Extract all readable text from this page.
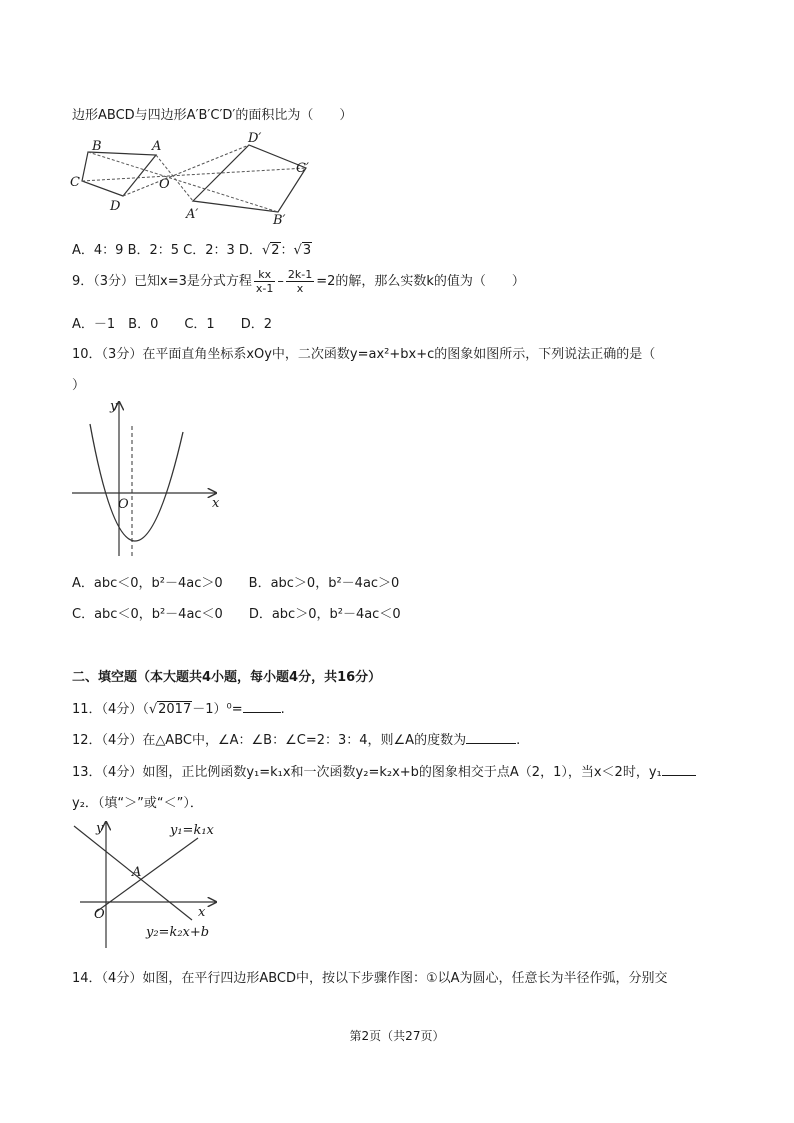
边形ABCD与四边形A′B′C′D′的面积比为（　　）
B	A
C
D
O
D′
C′
A′	B′
A．4：9 B．2：5 C．2：3 D．√2：√3
9．（3分）已知x=3是分式方程 $\frac{kx}{x-1} - \frac{2k-1}{x} =2$的解，那么实数k的值为（　　）
A．－1　B．0　　C．1　　D．2
10．（3分）在平面直角坐标系xOy中，二次函数y=ax²+bx+c的图象如图所示，下列说法正确的是（
）
y
x
O
A．abc＜0，b²－4ac＞0　　B．abc＞0，b²－4ac＞0
C．abc＜0，b²－4ac＜0　　D．abc＞0，b²－4ac＜0
二、填空题（本大题共4小题，每小题4分，共16分）
11．（4分）（√2017－1）⁰=	.
12．（4分）在△ABC中，∠A：∠B：∠C=2：3：4，则∠A的度数为	.
13．（4分）如图，正比例函数y₁=k₁x和一次函数y₂=k₂x+b的图象相交于点A（2，1），当x＜2时，y₁
y₂．（填“＞”或“＜”）．
y
x
O
A
y₁=k₁x
y₂=k₂x+b
14．（4分）如图，在平行四边形ABCD中，按以下步骤作图：①以A为圆心，任意长为半径作弧，分别交
第2页（共27页）
